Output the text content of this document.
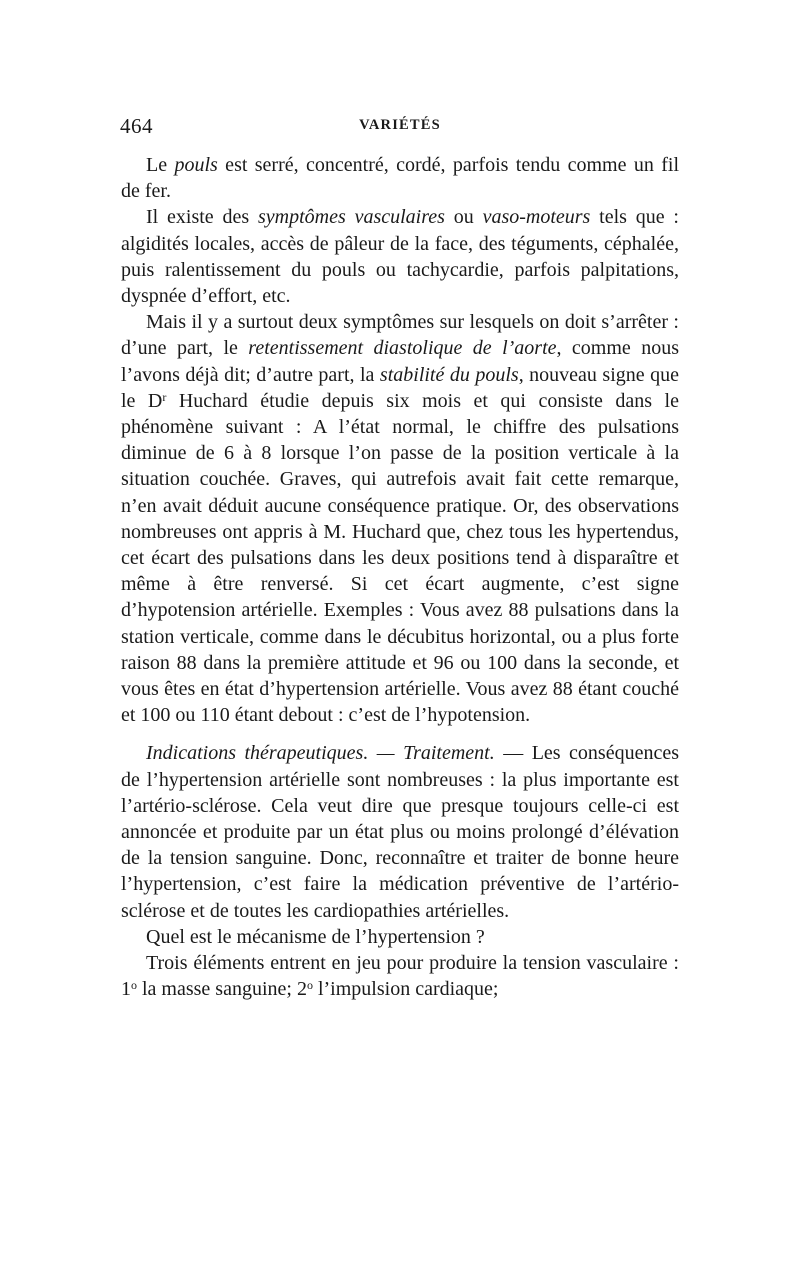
464	VARIÉTÉS

Le pouls est serré, concentré, cordé, parfois tendu comme un fil de fer.

Il existe des symptômes vasculaires ou vaso-moteurs tels que : algidités locales, accès de pâleur de la face, des téguments, céphalée, puis ralentissement du pouls ou tachycardie, parfois palpitations, dyspnée d’effort, etc.

Mais il y a surtout deux symptômes sur lesquels on doit s’arrêter : d’une part, le retentissement diastolique de l’aorte, comme nous l’avons déjà dit; d’autre part, la stabilité du pouls, nouveau signe que le $D^r$ Huchard étudie depuis six mois et qui consiste dans le phénomène suivant : A l’état normal, le chiffre des pulsations diminue de 6 à 8 lorsque l’on passe de la position verticale à la situation couchée. Graves, qui autrefois avait fait cette remarque, n’en avait déduit aucune conséquence pratique. Or, des observations nombreuses ont appris à M. Huchard que, chez tous les hypertendus, cet écart des pulsations dans les deux positions tend à disparaître et même à être renversé. Si cet écart augmente, c’est signe d’hypotension artérielle. Exemples : Vous avez 88 pulsations dans la station verticale, comme dans le décubitus horizontal, ou a plus forte raison 88 dans la première attitude et 96 ou 100 dans la seconde, et vous êtes en état d’hypertension artérielle. Vous avez 88 étant couché et 100 ou 110 étant debout : c’est de l’hypotension.

Indications thérapeutiques. — Traitement. — Les conséquences de l’hypertension artérielle sont nombreuses : la plus importante est l’artério-sclérose. Cela veut dire que presque toujours celle-ci est annoncée et produite par un état plus ou moins prolongé d’élévation de la tension sanguine. Donc, reconnaître et traiter de bonne heure l’hypertension, c’est faire la médication préventive de l’artério-sclérose et de toutes les cardiopathies artérielles.

Quel est le mécanisme de l’hypertension ?

Trois éléments entrent en jeu pour produire la tension vasculaire : 1$^o$ la masse sanguine; 2$^o$ l’impulsion cardiaque;
